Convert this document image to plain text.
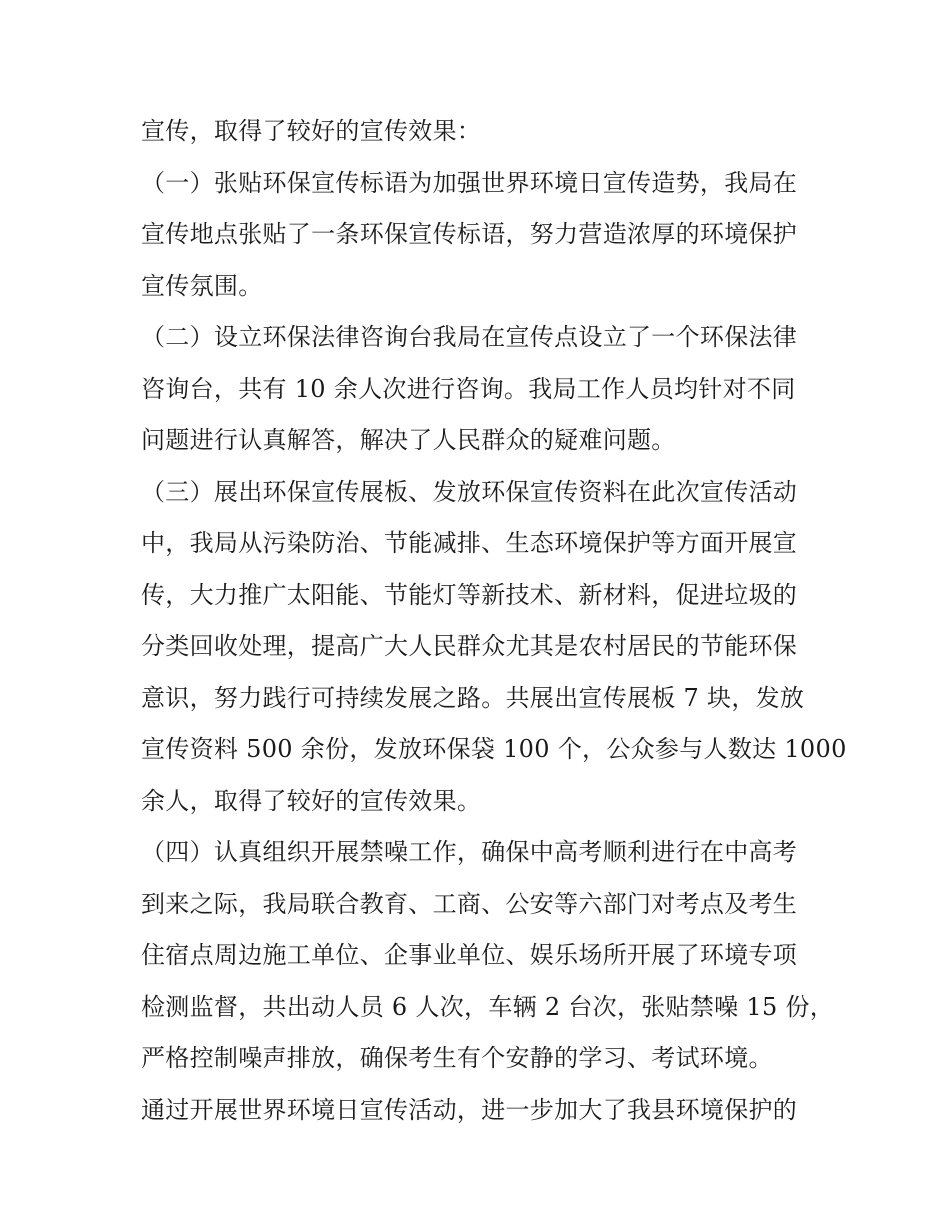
宣传，取得了较好的宣传效果：
（一）张贴环保宣传标语为加强世界环境日宣传造势，我局在
宣传地点张贴了一条环保宣传标语，努力营造浓厚的环境保护
宣传氛围。
（二）设立环保法律咨询台我局在宣传点设立了一个环保法律
咨询台，共有 10 余人次进行咨询。我局工作人员均针对不同
问题进行认真解答，解决了人民群众的疑难问题。
（三）展出环保宣传展板、发放环保宣传资料在此次宣传活动
中，我局从污染防治、节能减排、生态环境保护等方面开展宣
传，大力推广太阳能、节能灯等新技术、新材料，促进垃圾的
分类回收处理，提高广大人民群众尤其是农村居民的节能环保
意识，努力践行可持续发展之路。共展出宣传展板 7 块，发放
宣传资料 500 余份，发放环保袋 100 个，公众参与人数达 1000
余人，取得了较好的宣传效果。
（四）认真组织开展禁噪工作，确保中高考顺利进行在中高考
到来之际，我局联合教育、工商、公安等六部门对考点及考生
住宿点周边施工单位、企事业单位、娱乐场所开展了环境专项
检测监督，共出动人员 6 人次，车辆 2 台次，张贴禁噪 15 份，
严格控制噪声排放，确保考生有个安静的学习、考试环境。
通过开展世界环境日宣传活动，进一步加大了我县环境保护的
